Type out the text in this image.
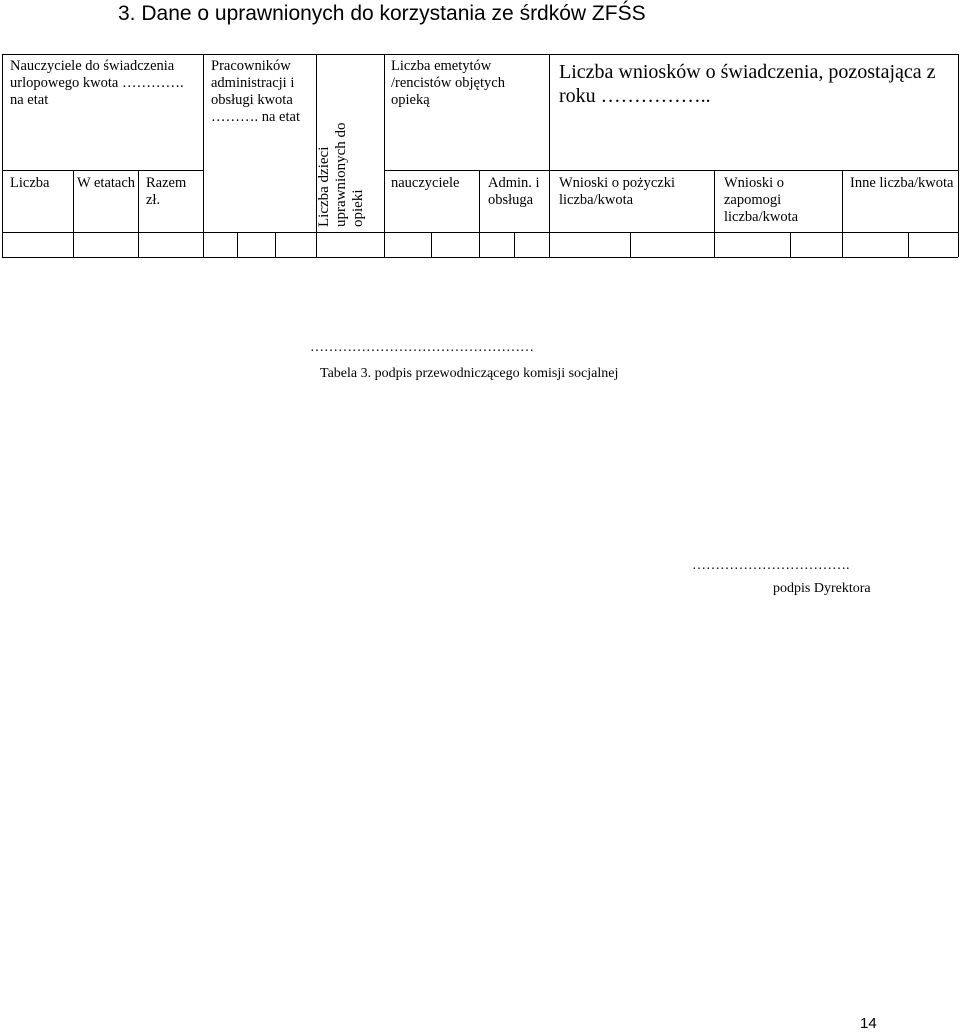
3. Dane o uprawnionych do korzystania ze śrdków ZFŚS
Nauczyciele do świadczenia urlopowego kwota …………. na etat
Liczba	W etatach Razem zł.
Pracowników administracji i obsługi kwota ………. na etat
Liczba dzieci uprawnionych do opieki
Liczba emetytów /rencistów objętych opieką
nauczyciele	Admin. i obsługa
Liczba wniosków o świadczenia, pozostająca z roku ……………..
Wnioski o pożyczki liczba/kwota
Wnioski o zapomogi liczba/kwota
Inne liczba/kwota
…………………………………………
Tabela 3. podpis przewodniczącego komisji socjalnej
…………………………….
podpis Dyrektora
14
